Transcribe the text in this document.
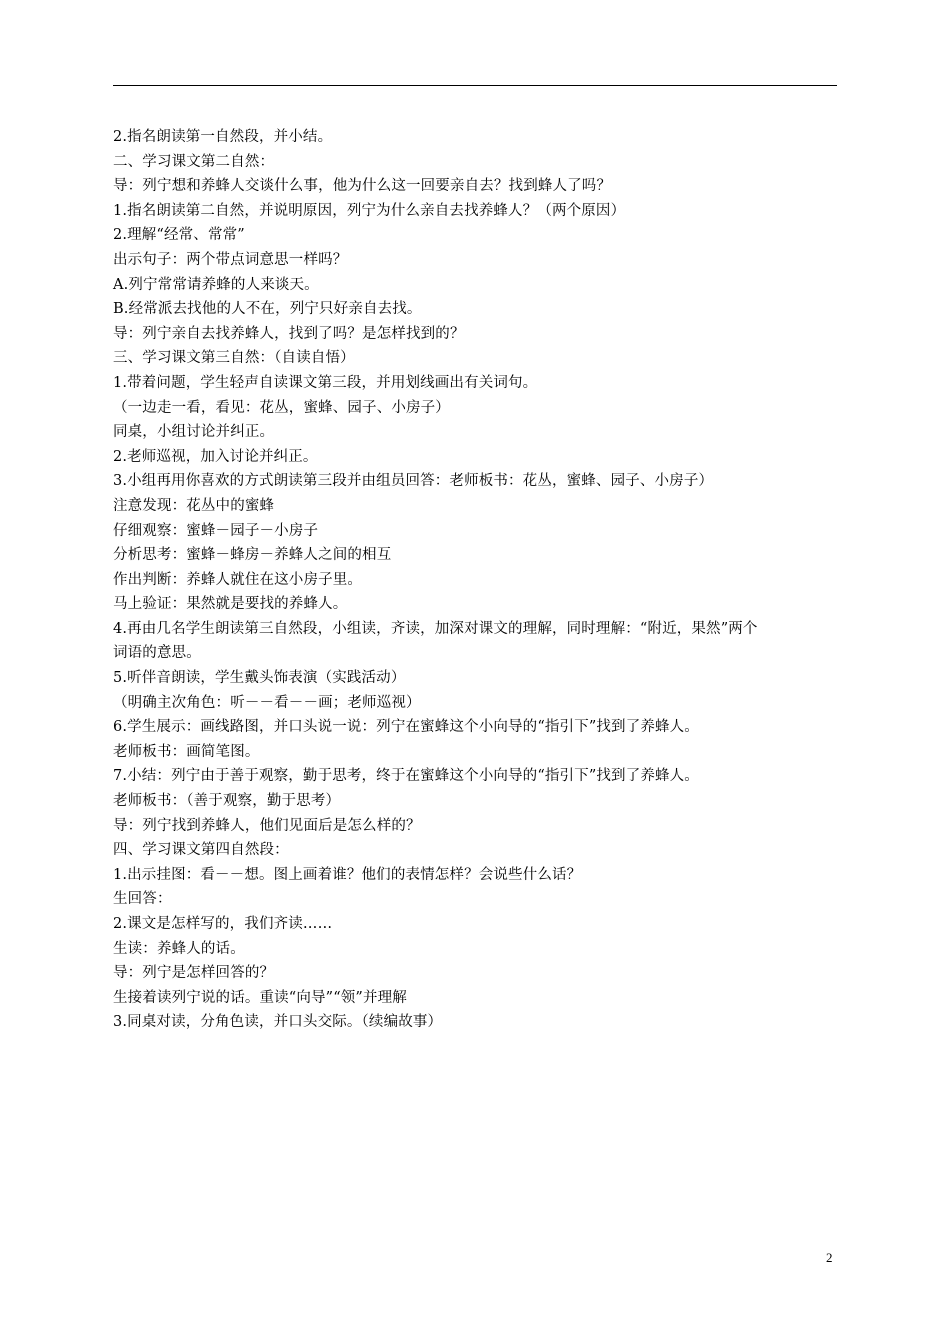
2.指名朗读第一自然段，并小结。
二、学习课文第二自然：
导：列宁想和养蜂人交谈什么事，他为什么这一回要亲自去？找到蜂人了吗？
1.指名朗读第二自然，并说明原因，列宁为什么亲自去找养蜂人？（两个原因）
2.理解“经常、常常”
出示句子：两个带点词意思一样吗？
A.列宁常常请养蜂的人来谈天。
B.经常派去找他的人不在，列宁只好亲自去找。
导：列宁亲自去找养蜂人，找到了吗？是怎样找到的？
三、学习课文第三自然：（自读自悟）
1.带着问题，学生轻声自读课文第三段，并用划线画出有关词句。
（一边走一看，看见：花丛，蜜蜂、园子、小房子）
同桌，小组讨论并纠正。
2.老师巡视，加入讨论并纠正。
3.小组再用你喜欢的方式朗读第三段并由组员回答：老师板书：花丛，蜜蜂、园子、小房子）
注意发现：花丛中的蜜蜂
仔细观察：蜜蜂－园子－小房子
分析思考：蜜蜂－蜂房－养蜂人之间的相互
作出判断：养蜂人就住在这小房子里。
马上验证：果然就是要找的养蜂人。
4.再由几名学生朗读第三自然段，小组读，齐读，加深对课文的理解，同时理解：“附近，果然”两个
词语的意思。
5.听伴音朗读，学生戴头饰表演（实践活动）
（明确主次角色：听－－看－－画；老师巡视）
6.学生展示：画线路图，并口头说一说：列宁在蜜蜂这个小向导的“指引下”找到了养蜂人。
老师板书：画简笔图。
7.小结：列宁由于善于观察，勤于思考，终于在蜜蜂这个小向导的“指引下”找到了养蜂人。
老师板书：（善于观察，勤于思考）
导：列宁找到养蜂人，他们见面后是怎么样的？
四、学习课文第四自然段：
1.出示挂图：看－－想。图上画着谁？他们的表情怎样？会说些什么话？
生回答：
2.课文是怎样写的，我们齐读……
生读：养蜂人的话。
导：列宁是怎样回答的？
生接着读列宁说的话。重读“向导”“领”并理解
3.同桌对读，分角色读，并口头交际。（续编故事）
2
